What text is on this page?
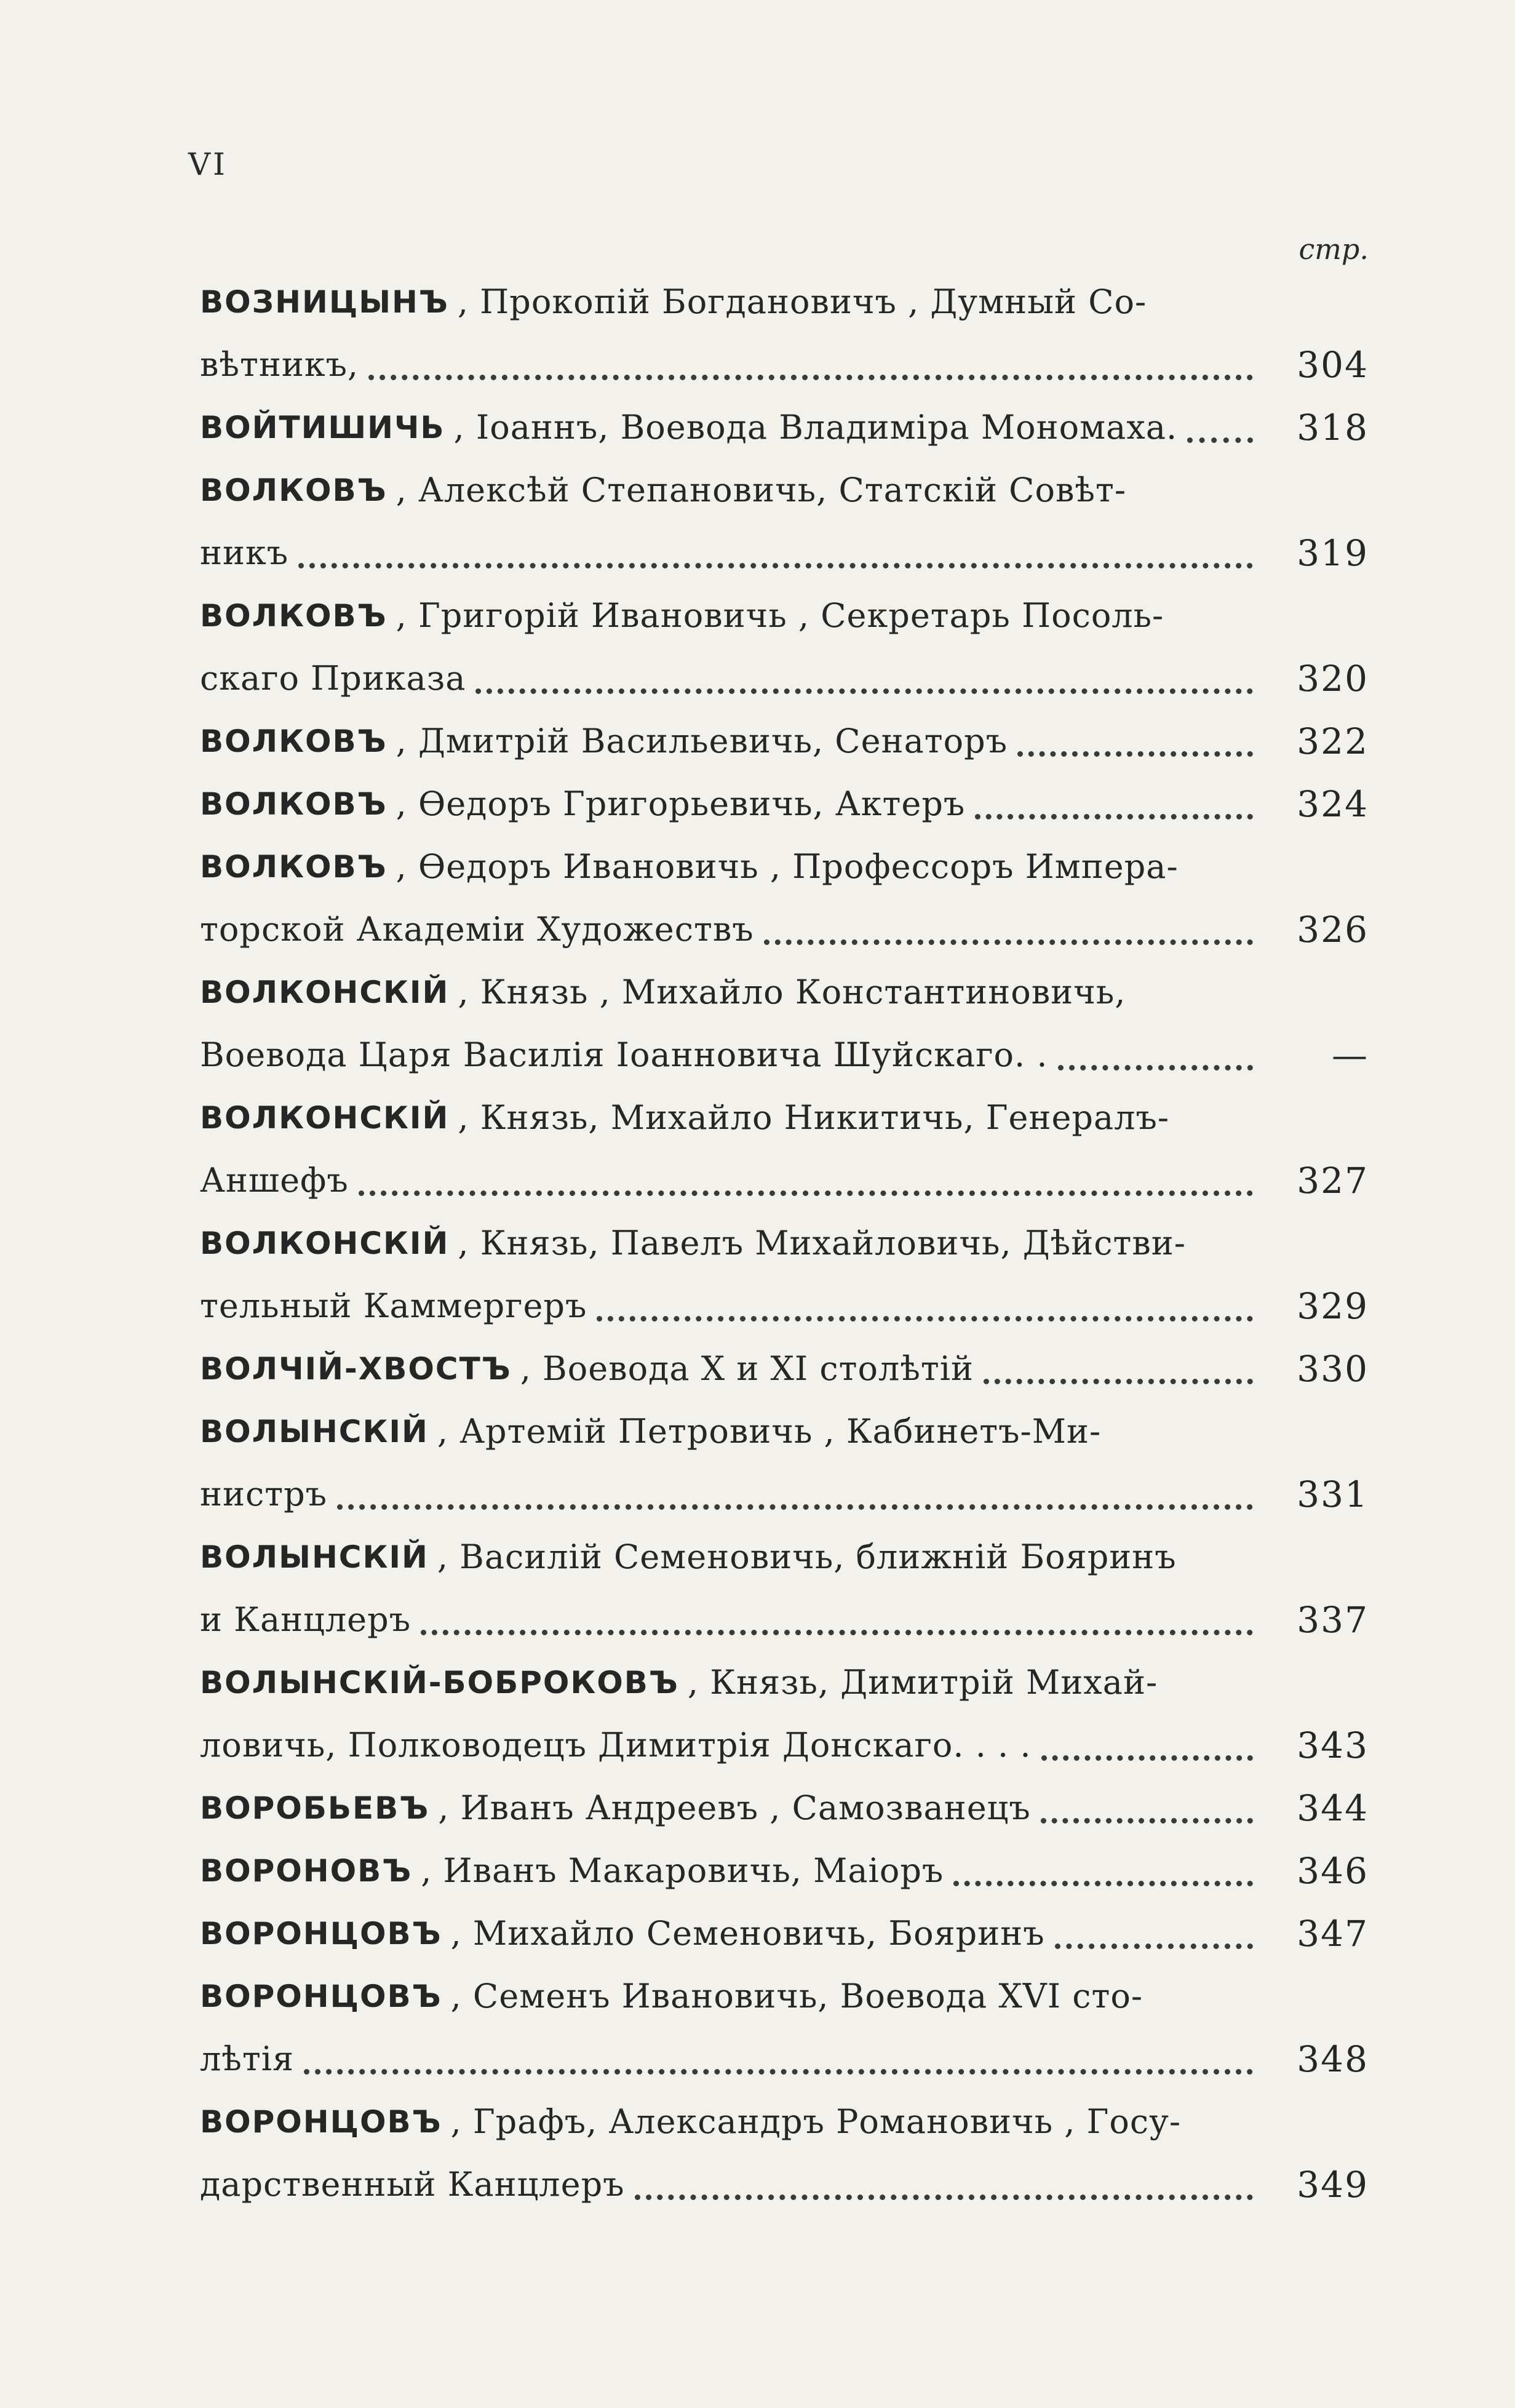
VI
стр.
ВОЗНИЦЫНЪ , Прокопій Богдановичъ , Думный Со-
вѣтникъ,	304
ВОЙТИШИЧЬ , Іоаннъ, Воевода Владиміра Мономаха.	318
ВОЛКОВЪ , Алексѣй Степановичь, Статскій Совѣт-
никъ	319
ВОЛКОВЪ , Григорій Ивановичь , Секретарь Посоль-
скаго Приказа	320
ВОЛКОВЪ , Дмитрій Васильевичь, Сенаторъ	322
ВОЛКОВЪ , Ѳедоръ Григорьевичь, Актеръ	324
ВОЛКОВЪ , Ѳедоръ Ивановичь , Профессоръ Импера-
торской Академіи Художествъ	326
ВОЛКОНСКІЙ , Князь , Михайло Константиновичь,
Воевода Царя Василія Іоанновича Шуйскаго. .	—
ВОЛКОНСКІЙ , Князь, Михайло Никитичь, Генералъ-
Аншефъ	327
ВОЛКОНСКІЙ , Князь, Павелъ Михайловичь, Дѣйстви-
тельный Каммергеръ	329
ВОЛЧІЙ-ХВОСТЪ , Воевода X и XI столѣтій	330
ВОЛЫНСКІЙ , Артемій Петровичь , Кабинетъ-Ми-
нистръ	331
ВОЛЫНСКІЙ , Василій Семеновичь, ближній Бояринъ
и Канцлеръ	337
ВОЛЫНСКІЙ-БОБРОКОВЪ , Князь, Димитрій Михай-
ловичь, Полководецъ Димитрія Донскаго. . . .	343
ВОРОБЬЕВЪ , Иванъ Андреевъ , Самозванецъ	344
ВОРОНОВЪ , Иванъ Макаровичь, Маіоръ	346
ВОРОНЦОВЪ , Михайло Семеновичь, Бояринъ	347
ВОРОНЦОВЪ , Семенъ Ивановичь, Воевода XVI сто-
лѣтія	348
ВОРОНЦОВЪ , Графъ, Александръ Романовичь , Госу-
дарственный Канцлеръ	349
